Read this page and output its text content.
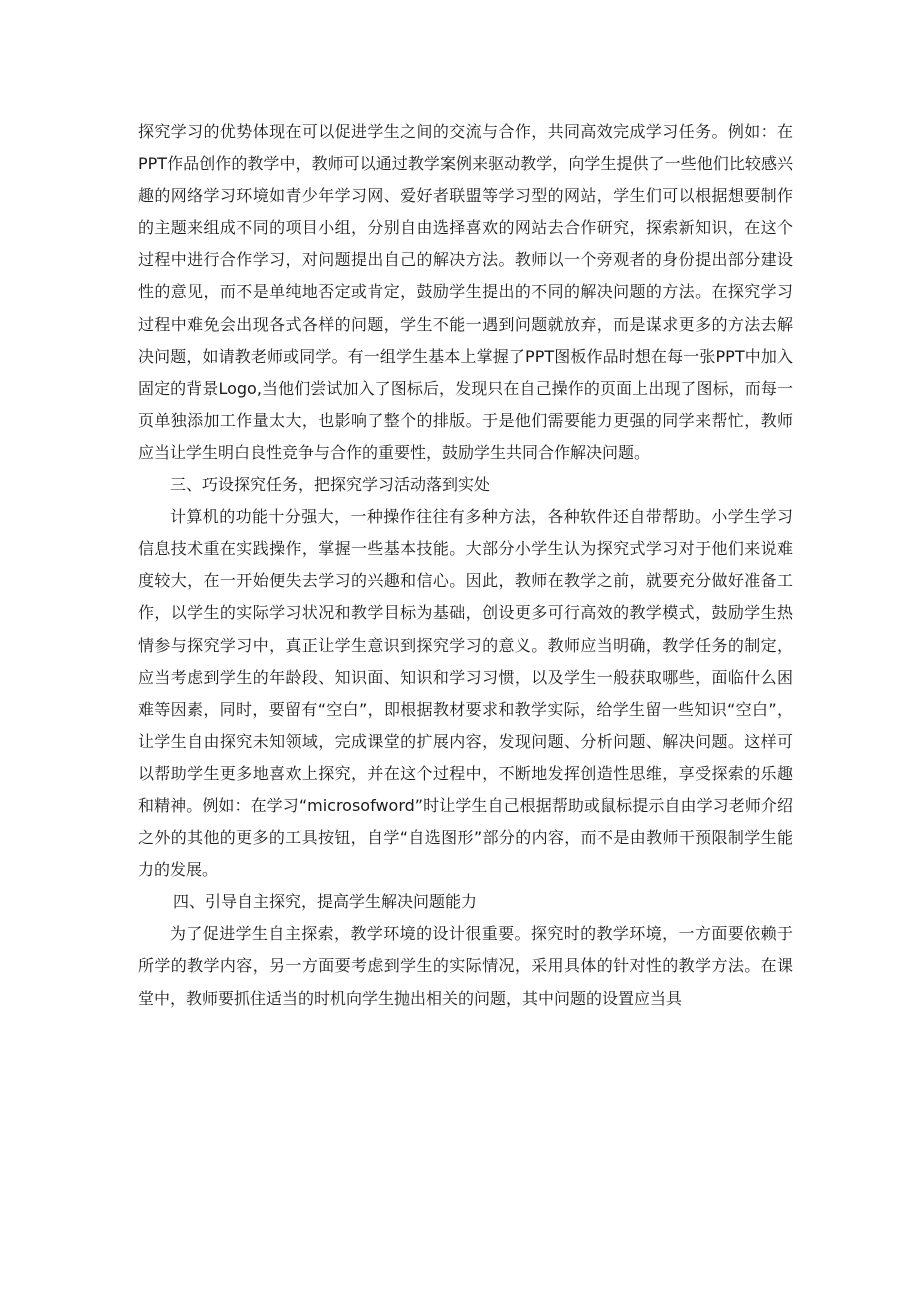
探究学习的优势体现在可以促进学生之间的交流与合作，共同高效完成学习任务。例如：在PPT作品创作的教学中，教师可以通过教学案例来驱动教学，向学生提供了一些他们比较感兴趣的网络学习环境如青少年学习网、爱好者联盟等学习型的网站，学生们可以根据想要制作的主题来组成不同的项目小组，分别自由选择喜欢的网站去合作研究，探索新知识，在这个过程中进行合作学习，对问题提出自己的解决方法。教师以一个旁观者的身份提出部分建设性的意见，而不是单纯地否定或肯定，鼓励学生提出的不同的解决问题的方法。在探究学习过程中难免会出现各式各样的问题，学生不能一遇到问题就放弃，而是谋求更多的方法去解决问题，如请教老师或同学。有一组学生基本上掌握了PPT图板作品时想在每一张PPT中加入固定的背景Logo,当他们尝试加入了图标后，发现只在自己操作的页面上出现了图标，而每一页单独添加工作量太大，也影响了整个的排版。于是他们需要能力更强的同学来帮忙，教师应当让学生明白良性竞争与合作的重要性，鼓励学生共同合作解决问题。

三、巧设探究任务，把探究学习活动落到实处

计算机的功能十分强大，一种操作往往有多种方法，各种软件还自带帮助。小学生学习信息技术重在实践操作，掌握一些基本技能。大部分小学生认为探究式学习对于他们来说难度较大，在一开始便失去学习的兴趣和信心。因此，教师在教学之前，就要充分做好准备工作，以学生的实际学习状况和教学目标为基础，创设更多可行高效的教学模式，鼓励学生热情参与探究学习中，真正让学生意识到探究学习的意义。教师应当明确，教学任务的制定，应当考虑到学生的年龄段、知识面、知识和学习习惯，以及学生一般获取哪些，面临什么困难等因素，同时，要留有“空白”，即根据教材要求和教学实际，给学生留一些知识“空白”，让学生自由探究未知领域，完成课堂的扩展内容，发现问题、分析问题、解决问题。这样可以帮助学生更多地喜欢上探究，并在这个过程中，不断地发挥创造性思维，享受探索的乐趣和精神。例如：在学习“microsofword”时让学生自己根据帮助或鼠标提示自由学习老师介绍之外的其他的更多的工具按钮，自学“自选图形”部分的内容，而不是由教师干预限制学生能力的发展。

四、引导自主探究，提高学生解决问题能力

为了促进学生自主探索，教学环境的设计很重要。探究时的教学环境，一方面要依赖于所学的教学内容，另一方面要考虑到学生的实际情况，采用具体的针对性的教学方法。在课堂中，教师要抓住适当的时机向学生抛出相关的问题，其中问题的设置应当具
